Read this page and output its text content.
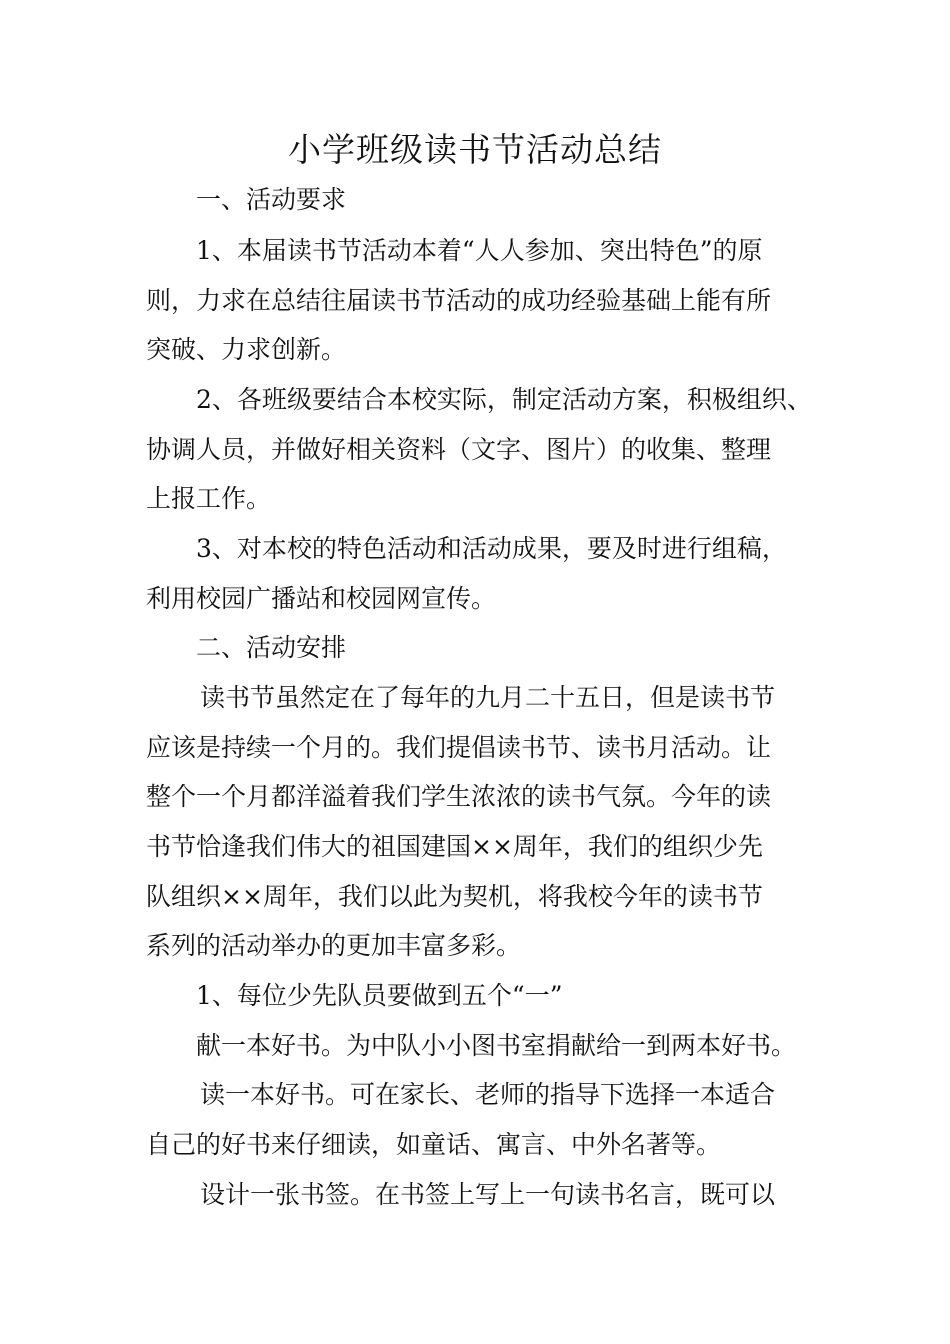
小学班级读书节活动总结

一、活动要求

1、本届读书节活动本着“人人参加、突出特色”的原

则，力求在总结往届读书节活动的成功经验基础上能有所

突破、力求创新。

2、各班级要结合本校实际，制定活动方案，积极组织、

协调人员，并做好相关资料（文字、图片）的收集、整理

上报工作。

3、对本校的特色活动和活动成果，要及时进行组稿，

利用校园广播站和校园网宣传。

二、活动安排

读书节虽然定在了每年的九月二十五日，但是读书节

应该是持续一个月的。我们提倡读书节、读书月活动。让

整个一个月都洋溢着我们学生浓浓的读书气氛。今年的读

书节恰逢我们伟大的祖国建国××周年，我们的组织少先

队组织××周年，我们以此为契机，将我校今年的读书节

系列的活动举办的更加丰富多彩。

1、每位少先队员要做到五个“一”

献一本好书。为中队小小图书室捐献给一到两本好书。

读一本好书。可在家长、老师的指导下选择一本适合

自己的好书来仔细读，如童话、寓言、中外名著等。

设计一张书签。在书签上写上一句读书名言，既可以
